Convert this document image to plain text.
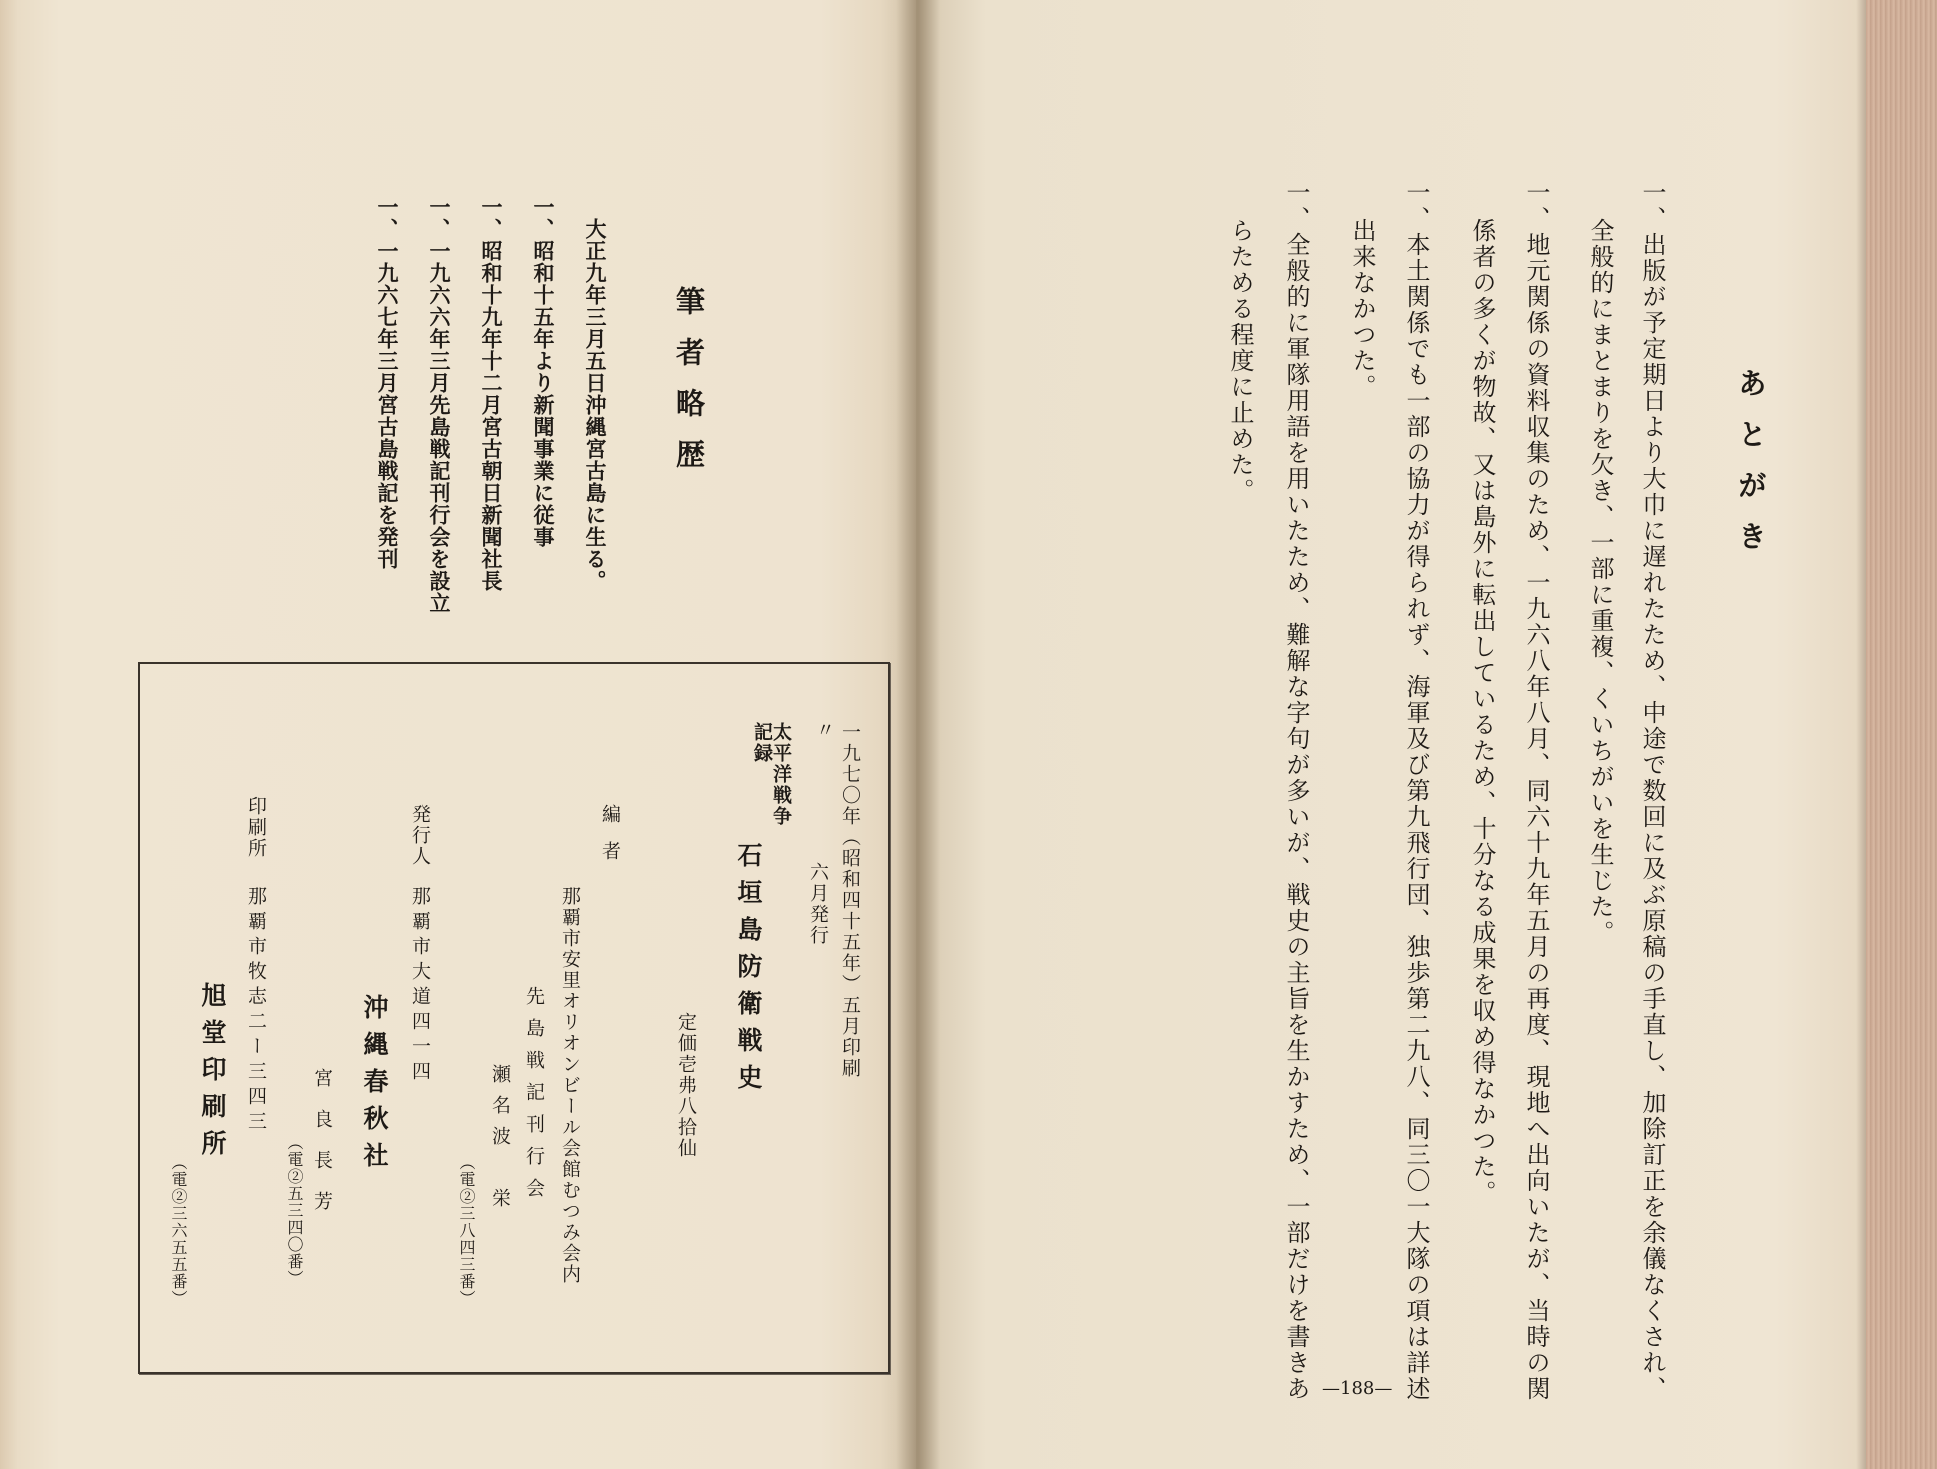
あとがき
一、出版が予定期日より大巾に遅れたため、中途で数回に及ぶ原稿の手直し、加除訂正を余儀なくされ、
全般的にまとまりを欠き、一部に重複、くいちがいを生じた。
一、地元関係の資料収集のため、一九六八年八月、同六十九年五月の再度、現地へ出向いたが、当時の関
係者の多くが物故、又は島外に転出しているため、十分なる成果を収め得なかつた。
一、本土関係でも一部の協力が得られず、海軍及び第九飛行団、独歩第二九八、同三〇一大隊の項は詳述
出来なかつた。
一、全般的に軍隊用語を用いたため、難解な字句が多いが、戦史の主旨を生かすため、一部だけを書きあ
らためる程度に止めた。
—188—
筆者略歴
大正九年三月五日沖縄宮古島に生る。
一、昭和十五年より新聞事業に従事
一、昭和十九年十二月宮古朝日新聞社長
一、一九六六年三月先島戦記刊行会を設立
一、一九六七年三月宮古島戦記を発刊
一九七〇年（昭和四十五年）五月印刷
〃
六月発行
太平洋戦争記録
石垣島防衛戦史
定価壱弗八拾仙
編者
那覇市安里オリオンビール会館むつみ会内
先島戦記刊行会
瀬名波　栄
（電②三八四三番）
発行人
那覇市大道四一四
沖縄春秋社
宮良長芳
（電②五三四〇番）
印刷所
那覇市牧志二ー三四三
旭堂印刷所
（電②三六五五番）
